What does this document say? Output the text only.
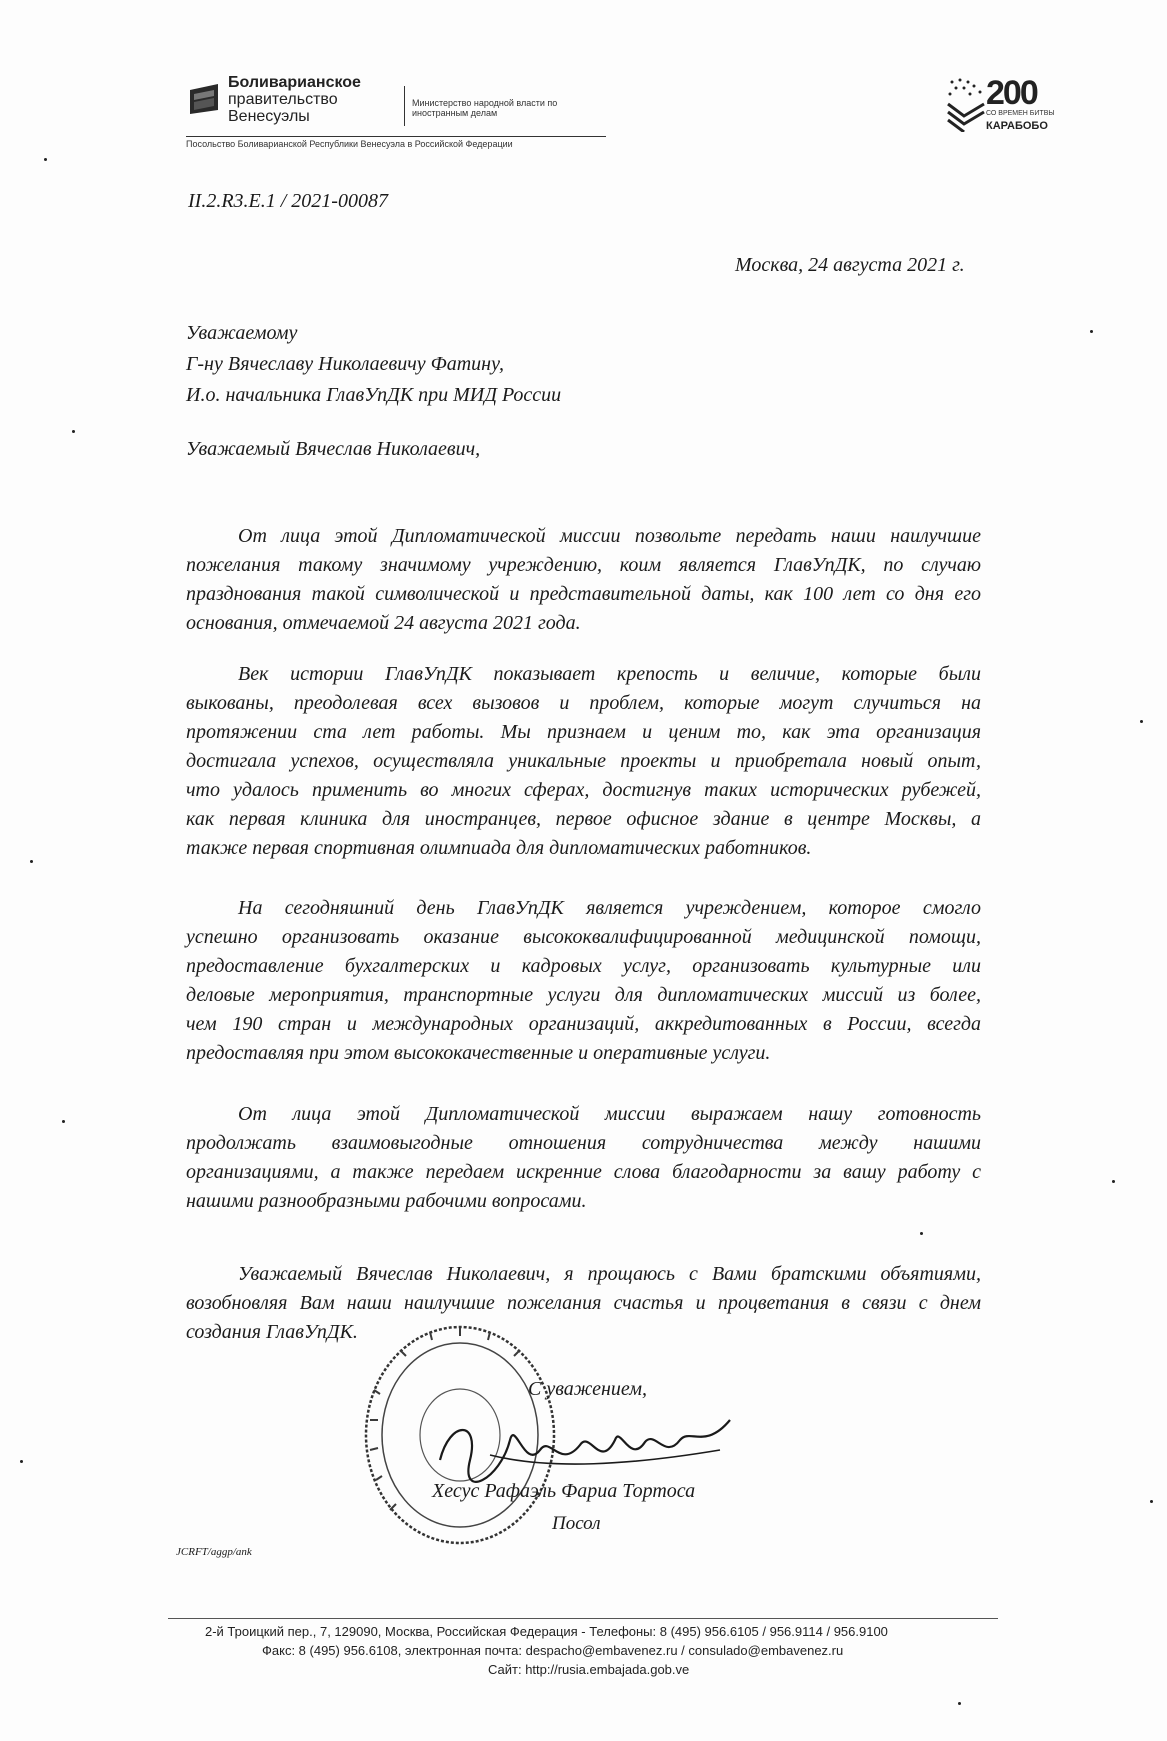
Боливарианское
правительство
Венесуэлы
Министерство народной власти по иностранным делам
Посольство Боливарианской Республики Венесуэла в Российской Федерации
200
СО ВРЕМЕН БИТВЫ
КАРАБОБО
II.2.R3.E.1 / 2021-00087
Москва, 24 августа 2021 г.
Уважаемому
Г-ну Вячеславу Николаевичу Фатину,
И.о. начальника ГлавУпДК при МИД России
Уважаемый Вячеслав Николаевич,
От лица этой Дипломатической миссии позвольте передать наши наилучшие
пожелания такому значимому учреждению, коим является ГлавУпДК, по случаю
празднования такой символической и представительной даты, как 100 лет со дня его
основания, отмечаемой 24 августа 2021 года.
Век истории ГлавУпДК показывает крепость и величие, которые были
выкованы, преодолевая всех вызовов и проблем, которые могут случиться на
протяжении ста лет работы. Мы признаем и ценим то, как эта организация
достигала успехов, осуществляла уникальные проекты и приобретала новый опыт,
что удалось применить во многих сферах, достигнув таких исторических рубежей,
как первая клиника для иностранцев, первое офисное здание в центре Москвы, а
также первая спортивная олимпиада для дипломатических работников.
На сегодняшний день ГлавУпДК является учреждением, которое смогло
успешно организовать оказание высококвалифицированной медицинской помощи,
предоставление бухгалтерских и кадровых услуг, организовать культурные или
деловые мероприятия, транспортные услуги для дипломатических миссий из более,
чем 190 стран и международных организаций, аккредитованных в России, всегда
предоставляя при этом высококачественные и оперативные услуги.
От лица этой Дипломатической миссии выражаем нашу готовность
продолжать взаимовыгодные отношения сотрудничества между нашими
организациями, а также передаем искренние слова благодарности за вашу работу с
нашими разнообразными рабочими вопросами.
Уважаемый Вячеслав Николаевич, я прощаюсь с Вами братскими объятиями,
возобновляя Вам наши наилучшие пожелания счастья и процветания в связи с днем
создания ГлавУпДК.
С уважением,
Хесус Рафаэль Фариа Тортоса
Посол
JCRFT/aggp/ank
2-й Троицкий пер., 7, 129090, Москва, Российская Федерация - Телефоны: 8 (495) 956.6105 / 956.9114 / 956.9100
Факс: 8 (495) 956.6108, электронная почта: despacho@embavenez.ru / consulado@embavenez.ru
Сайт: http://rusia.embajada.gob.ve
